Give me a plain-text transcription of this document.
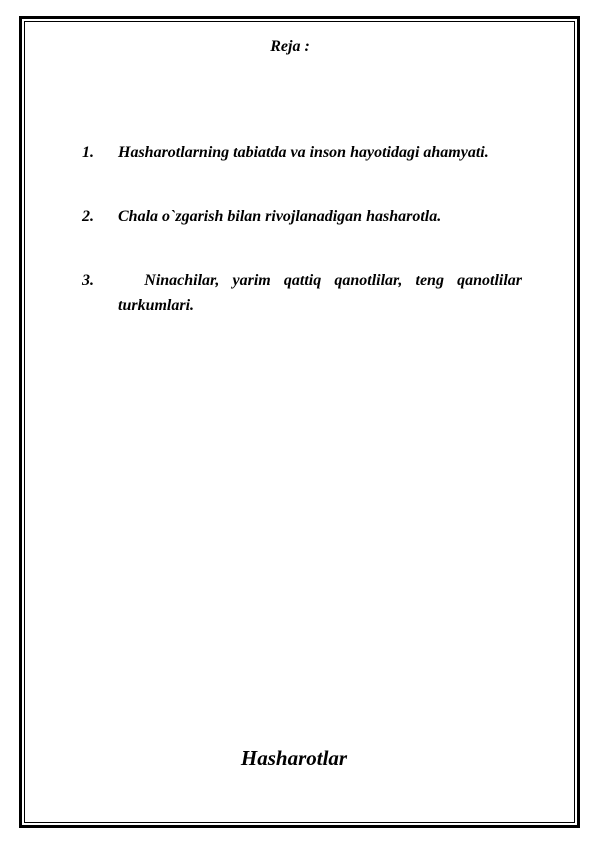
Reja :
1. Hasharotlarning tabiatda va inson hayotidagi ahamyati.
2. Chala o`zgarish bilan rivojlanadigan hasharotla.
3. Ninachilar, yarim qattiq qanotlilar, teng qanotlilar turkumlari.
Hasharotlar
